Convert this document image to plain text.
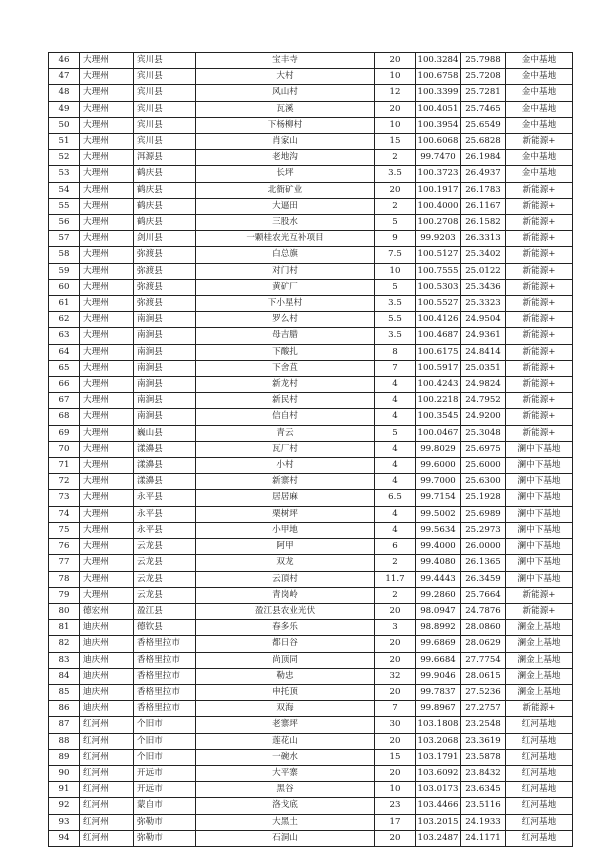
46	大理州	宾川县	宝丰寺	20	100.3284	25.7988	金中基地
47	大理州	宾川县	大村	10	100.6758	25.7208	金中基地
48	大理州	宾川县	风山村	12	100.3399	25.7281	金中基地
49	大理州	宾川县	瓦溪	20	100.4051	25.7465	金中基地
50	大理州	宾川县	下杨柳村	10	100.3954	25.6549	金中基地
51	大理州	宾川县	肖家山	15	100.6068	25.6828	新能源+
52	大理州	洱源县	老地沟	2	99.7470	26.1984	金中基地
53	大理州	鹤庆县	长坪	3.5	100.3723	26.4937	金中基地
54	大理州	鹤庆县	北衙矿业	20	100.1917	26.1783	新能源+
55	大理州	鹤庆县	大逼田	2	100.4000	26.1167	新能源+
56	大理州	鹤庆县	三股水	5	100.2708	26.1582	新能源+
57	大理州	剑川县	一颗桂农光互补项目	9	99.9203	26.3313	新能源+
58	大理州	弥渡县	白总旗	7.5	100.5127	25.3402	新能源+
59	大理州	弥渡县	对门村	10	100.7555	25.0122	新能源+
60	大理州	弥渡县	黄矿厂	5	100.5303	25.3436	新能源+
61	大理州	弥渡县	下小星村	3.5	100.5527	25.3323	新能源+
62	大理州	南涧县	罗么村	5.5	100.4126	24.9504	新能源+
63	大理州	南涧县	母吉腊	3.5	100.4687	24.9361	新能源+
64	大理州	南涧县	下酸扎	8	100.6175	24.8414	新能源+
65	大理州	南涧县	下舍苴	7	100.5917	25.0351	新能源+
66	大理州	南涧县	新龙村	4	100.4243	24.9824	新能源+
67	大理州	南涧县	新民村	4	100.2218	24.7952	新能源+
68	大理州	南涧县	信自村	4	100.3545	24.9200	新能源+
69	大理州	巍山县	青云	5	100.0467	25.3048	新能源+
70	大理州	漾濞县	瓦厂村	4	99.8029	25.6975	澜中下基地
71	大理州	漾濞县	小村	4	99.6000	25.6000	澜中下基地
72	大理州	漾濞县	新寨村	4	99.7000	25.6300	澜中下基地
73	大理州	永平县	居居麻	6.5	99.7154	25.1928	澜中下基地
74	大理州	永平县	栗树坪	4	99.5002	25.6989	澜中下基地
75	大理州	永平县	小甲地	4	99.5634	25.2973	澜中下基地
76	大理州	云龙县	阿甲	6	99.4000	26.0000	澜中下基地
77	大理州	云龙县	双龙	2	99.4080	26.1365	澜中下基地
78	大理州	云龙县	云頂村	11.7	99.4443	26.3459	澜中下基地
79	大理州	云龙县	青岗岭	2	99.2860	25.7664	新能源+
80	德宏州	盈江县	盈江县农业光伏	20	98.0947	24.7876	新能源+
81	迪庆州	德钦县	春多乐	3	98.8992	28.0860	澜金上基地
82	迪庆州	香格里拉市	都日谷	20	99.6869	28.0629	澜金上基地
83	迪庆州	香格里拉市	尚顶同	20	99.6684	27.7754	澜金上基地
84	迪庆州	香格里拉市	勒忠	32	99.9046	28.0615	澜金上基地
85	迪庆州	香格里拉市	申托顶	20	99.7837	27.5236	澜金上基地
86	迪庆州	香格里拉市	双海	7	99.8967	27.2757	新能源+
87	红河州	个旧市	老寨坪	30	103.1808	23.2548	红河基地
88	红河州	个旧市	莲花山	20	103.2068	23.3619	红河基地
89	红河州	个旧市	一碗水	15	103.1791	23.5878	红河基地
90	红河州	开远市	大平寨	20	103.6092	23.8432	红河基地
91	红河州	开远市	黑谷	10	103.0173	23.6345	红河基地
92	红河州	蒙自市	洛戈底	23	103.4466	23.5116	红河基地
93	红河州	弥勒市	大黑土	17	103.2015	24.1933	红河基地
94	红河州	弥勒市	石洞山	20	103.2487	24.1171	红河基地
